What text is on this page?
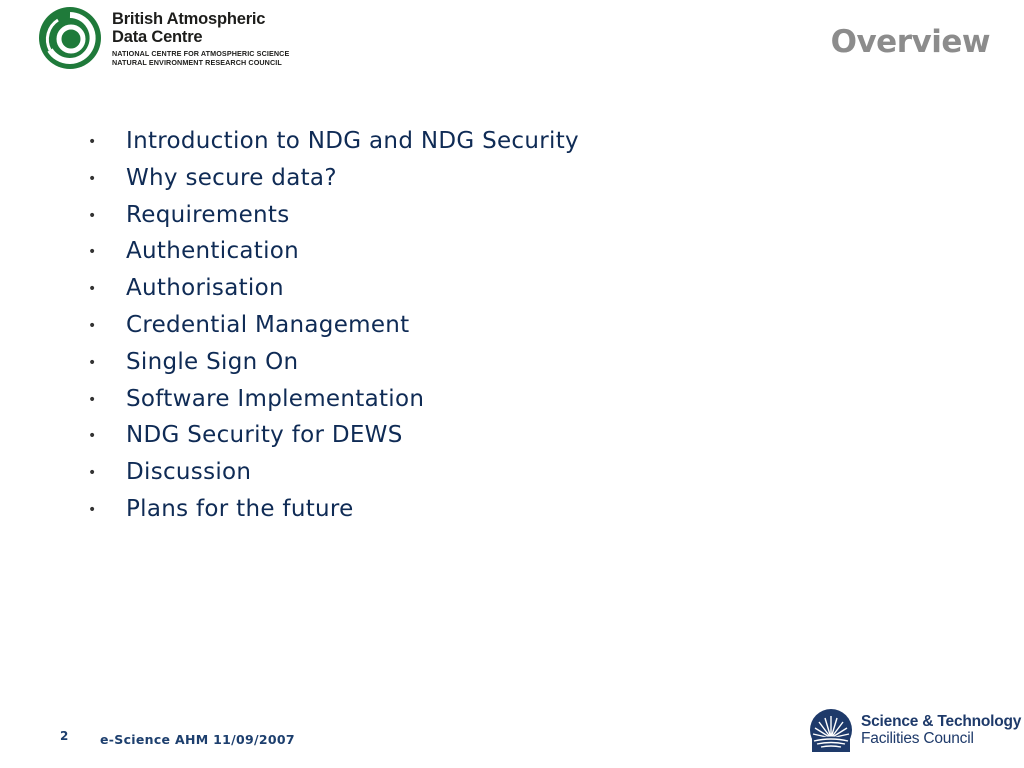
British Atmospheric
Data Centre
NATIONAL CENTRE FOR ATMOSPHERIC SCIENCE
NATURAL ENVIRONMENT RESEARCH COUNCIL
Overview
•	Introduction to NDG and NDG Security
•	Why secure data?
•	Requirements
•	Authentication
•	Authorisation
•	Credential Management
•	Single Sign On
•	Software Implementation
•	NDG Security for DEWS
•	Discussion
•	Plans for the future
2	e-Science AHM 11/09/2007
Science & Technology
Facilities Council
